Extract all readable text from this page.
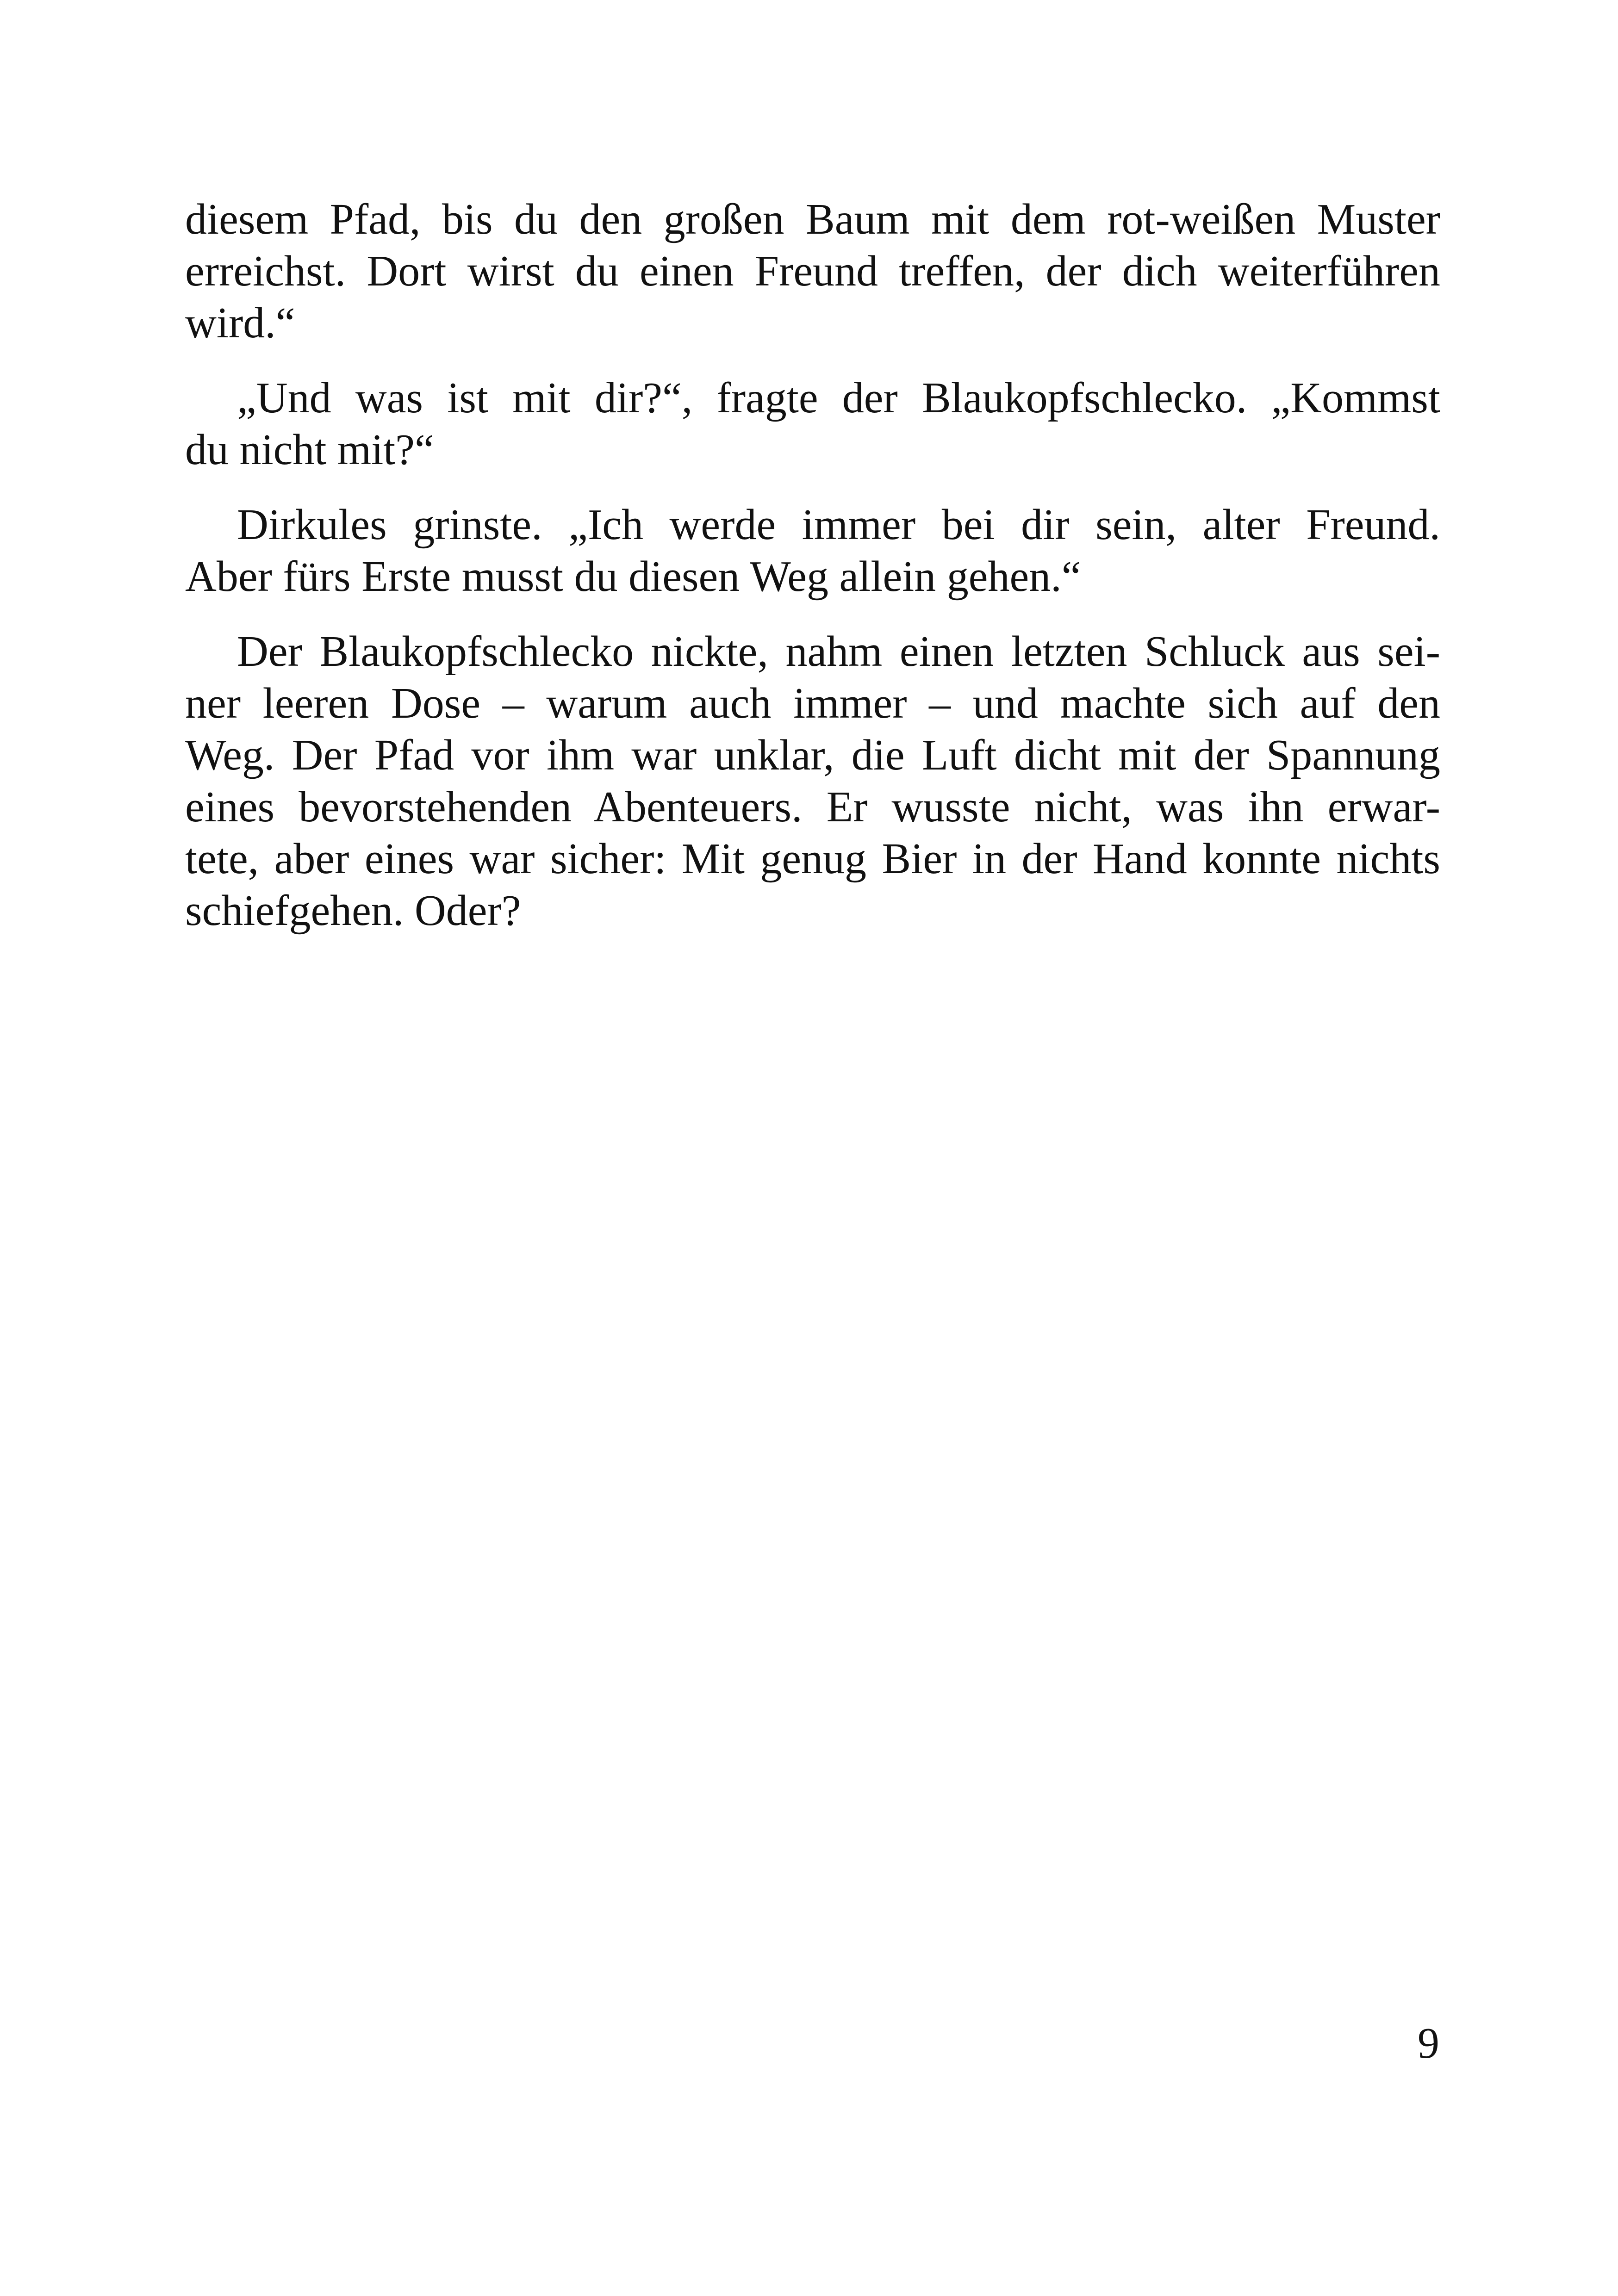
diesem Pfad, bis du den großen Baum mit dem rot-weißen Muster
erreichst. Dort wirst du einen Freund treffen, der dich weiterführen
wird.“
„Und was ist mit dir?“, fragte der Blaukopfschlecko. „Kommst
du nicht mit?“
Dirkules grinste. „Ich werde immer bei dir sein, alter Freund.
Aber fürs Erste musst du diesen Weg allein gehen.“
Der Blaukopfschlecko nickte, nahm einen letzten Schluck aus sei-
ner leeren Dose – warum auch immer – und machte sich auf den
Weg. Der Pfad vor ihm war unklar, die Luft dicht mit der Spannung
eines bevorstehenden Abenteuers. Er wusste nicht, was ihn erwar-
tete, aber eines war sicher: Mit genug Bier in der Hand konnte nichts
schiefgehen. Oder?
9
